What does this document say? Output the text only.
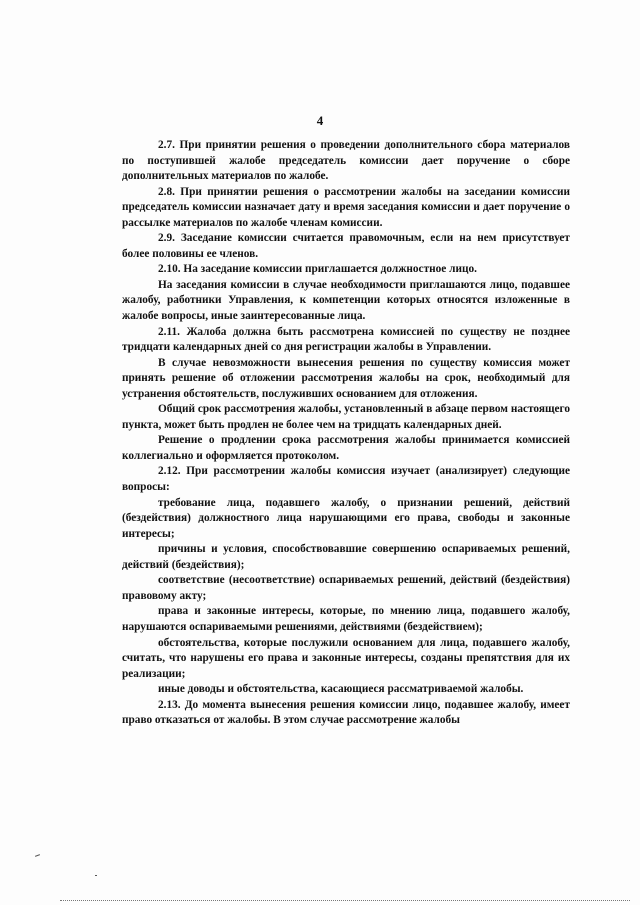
4

2.7. При принятии решения о проведении дополнительного сбора материалов по поступившей жалобе председатель комиссии дает поручение о сборе дополнительных материалов по жалобе.

2.8. При принятии решения о рассмотрении жалобы на заседании комиссии председатель комиссии назначает дату и время заседания комиссии и дает поручение о рассылке материалов по жалобе членам комиссии.

2.9. Заседание комиссии считается правомочным, если на нем присутствует более половины ее членов.

2.10. На заседание комиссии приглашается должностное лицо.

На заседания комиссии в случае необходимости приглашаются лицо, подавшее жалобу, работники Управления, к компетенции которых относятся изложенные в жалобе вопросы, иные заинтересованные лица.

2.11. Жалоба должна быть рассмотрена комиссией по существу не позднее тридцати календарных дней со дня регистрации жалобы в Управлении.

В случае невозможности вынесения решения по существу комиссия может принять решение об отложении рассмотрения жалобы на срок, необходимый для устранения обстоятельств, послуживших основанием для отложения.

Общий срок рассмотрения жалобы, установленный в абзаце первом настоящего пункта, может быть продлен не более чем на тридцать календарных дней.

Решение о продлении срока рассмотрения жалобы принимается комиссией коллегиально и оформляется протоколом.

2.12. При рассмотрении жалобы комиссия изучает (анализирует) следующие вопросы:

требование лица, подавшего жалобу, о признании решений, действий (бездействия) должностного лица нарушающими его права, свободы и законные интересы;

причины и условия, способствовавшие совершению оспариваемых решений, действий (бездействия);

соответствие (несоответствие) оспариваемых решений, действий (бездействия) правовому акту;

права и законные интересы, которые, по мнению лица, подавшего жалобу, нарушаются оспариваемыми решениями, действиями (бездействием);

обстоятельства, которые послужили основанием для лица, подавшего жалобу, считать, что нарушены его права и законные интересы, созданы препятствия для их реализации;

иные доводы и обстоятельства, касающиеся рассматриваемой жалобы.

2.13. До момента вынесения решения комиссии лицо, подавшее жалобу, имеет право отказаться от жалобы. В этом случае рассмотрение жалобы
